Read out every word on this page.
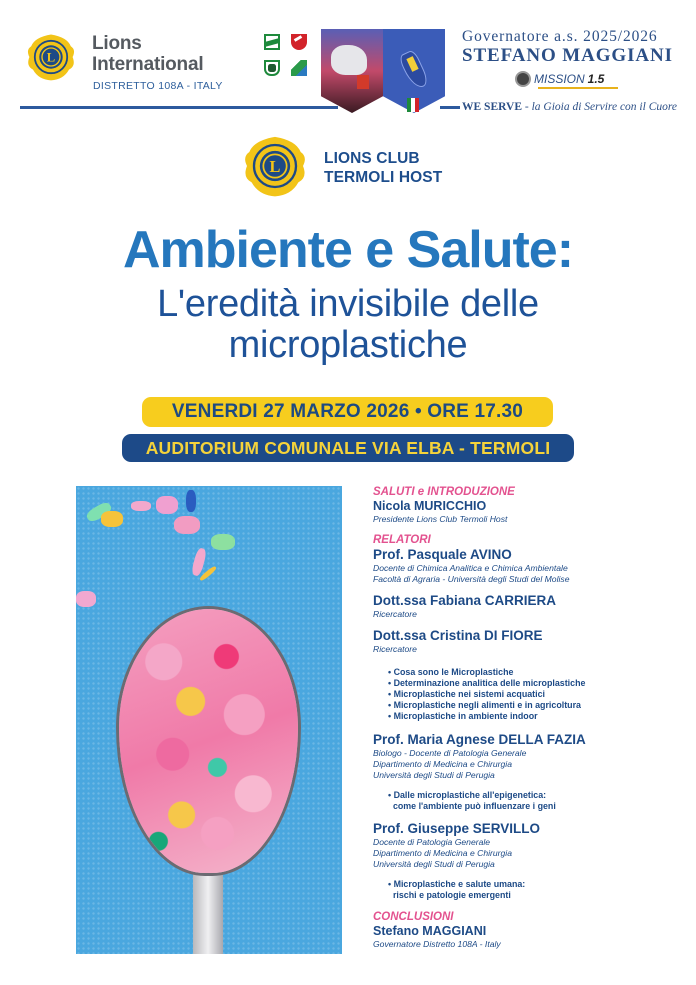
L
Lions
International
DISTRETTO 108A - ITALY
Governatore a.s. 2025/2026
STEFANO MAGGIANI
MISSION 1.5
WE SERVE - la Gioia di Servire con il Cuore
L	LIONS CLUB
TERMOLI HOST
Ambiente e Salute:
L'eredità invisibile delle
microplastiche
VENERDI 27 MARZO 2026 • ORE 17.30
AUDITORIUM COMUNALE VIA ELBA - TERMOLI
SALUTI e INTRODUZIONE
Nicola MURICCHIO
Presidente Lions Club Termoli Host
RELATORI
Prof. Pasquale AVINO
Docente di Chimica Analitica e Chimica Ambientale
Facoltà di Agraria - Università degli Studi del Molise
Dott.ssa Fabiana CARRIERA
Ricercatore
Dott.ssa Cristina DI FIORE
Ricercatore
• Cosa sono le Microplastiche
• Determinazione analitica delle microplastiche
• Microplastiche nei sistemi acquatici
• Microplastiche negli alimenti e in agricoltura
• Microplastiche in ambiente indoor
Prof. Maria Agnese DELLA FAZIA
Biologo - Docente di Patologia Generale
Dipartimento di Medicina e Chirurgia
Università degli Studi di Perugia
• Dalle microplastiche all'epigenetica:
come l'ambiente può influenzare i geni
Prof. Giuseppe SERVILLO
Docente di Patologia Generale
Dipartimento di Medicina e Chirurgia
Università degli Studi di Perugia
• Microplastiche e salute umana:
rischi e patologie emergenti
CONCLUSIONI
Stefano MAGGIANI
Governatore Distretto 108A - Italy
